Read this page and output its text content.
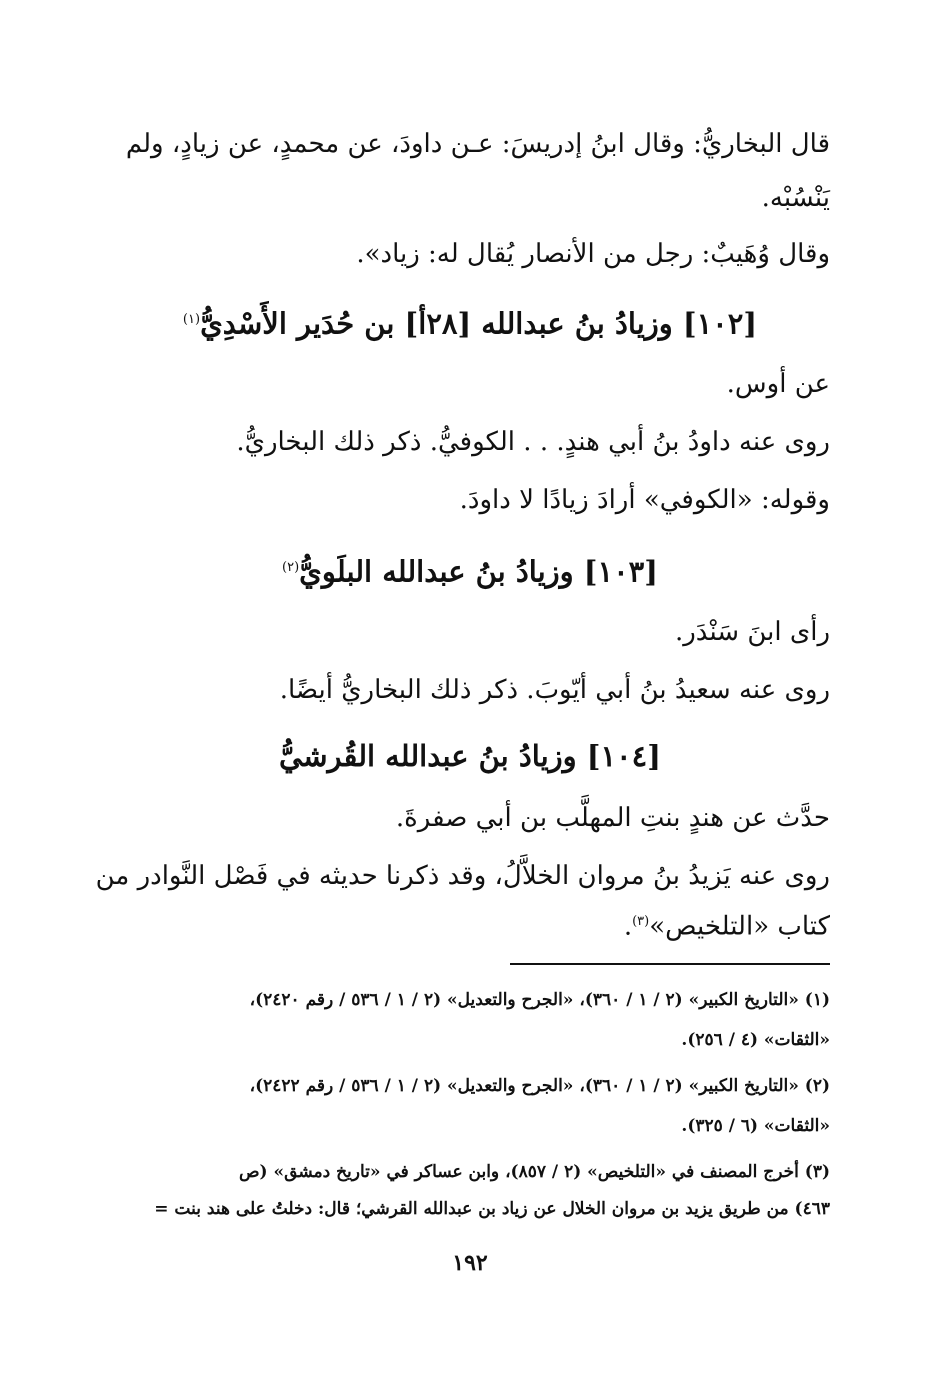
قال البخاريُّ: وقال ابنُ إدريسَ: عـن داودَ، عن محمدٍ، عن زيادٍ، ولم
يَنْسُبْه.
وقال وُهَيبٌ: رجل من الأنصار يُقال له: زياد».
[١٠٢] وزيادُ بنُ عبدالله [٢٨أ] بن حُدَير الأَسْدِيُّ$^{(١)}$
عن أوس.
روى عنه داودُ بنُ أبي هندٍ. . . الكوفيُّ. ذكر ذلك البخاريُّ.
وقوله: «الكوفي» أرادَ زيادًا لا داودَ.
[١٠٣] وزيادُ بنُ عبدالله البلَويُّ$^{(٢)}$
رأى ابنَ سَنْدَر.
روى عنه سعيدُ بنُ أبي أيّوبَ. ذكر ذلك البخاريُّ أيضًا.
[١٠٤] وزيادُ بنُ عبدالله القُرشيُّ
حدَّث عن هندٍ بنتِ المهلَّب بن أبي صفرةَ.
روى عنه يَزيدُ بنُ مروان الخلاَّلُ، وقد ذكرنا حديثه في فَصْل النَّوادر من
كتاب «التلخيص»$^{(٣)}$.
(١) «التاريخ الكبير» (٢ / ١ / ٣٦٠)، «الجرح والتعديل» (٢ / ١ / ٥٣٦ / رقم ٢٤٢٠)،
«الثقات» (٤ / ٢٥٦).
(٢) «التاريخ الكبير» (٢ / ١ / ٣٦٠)، «الجرح والتعديل» (٢ / ١ / ٥٣٦ / رقم ٢٤٢٢)،
«الثقات» (٦ / ٣٢٥).
(٣) أخرج المصنف في «التلخيص» (٢ / ٨٥٧)، وابن عساكر في «تاريخ دمشق» (ص
٤٦٣) من طريق يزيد بن مروان الخلال عن زياد بن عبدالله القرشي؛ قال: دخلتُ على هند بنت =
١٩٢
